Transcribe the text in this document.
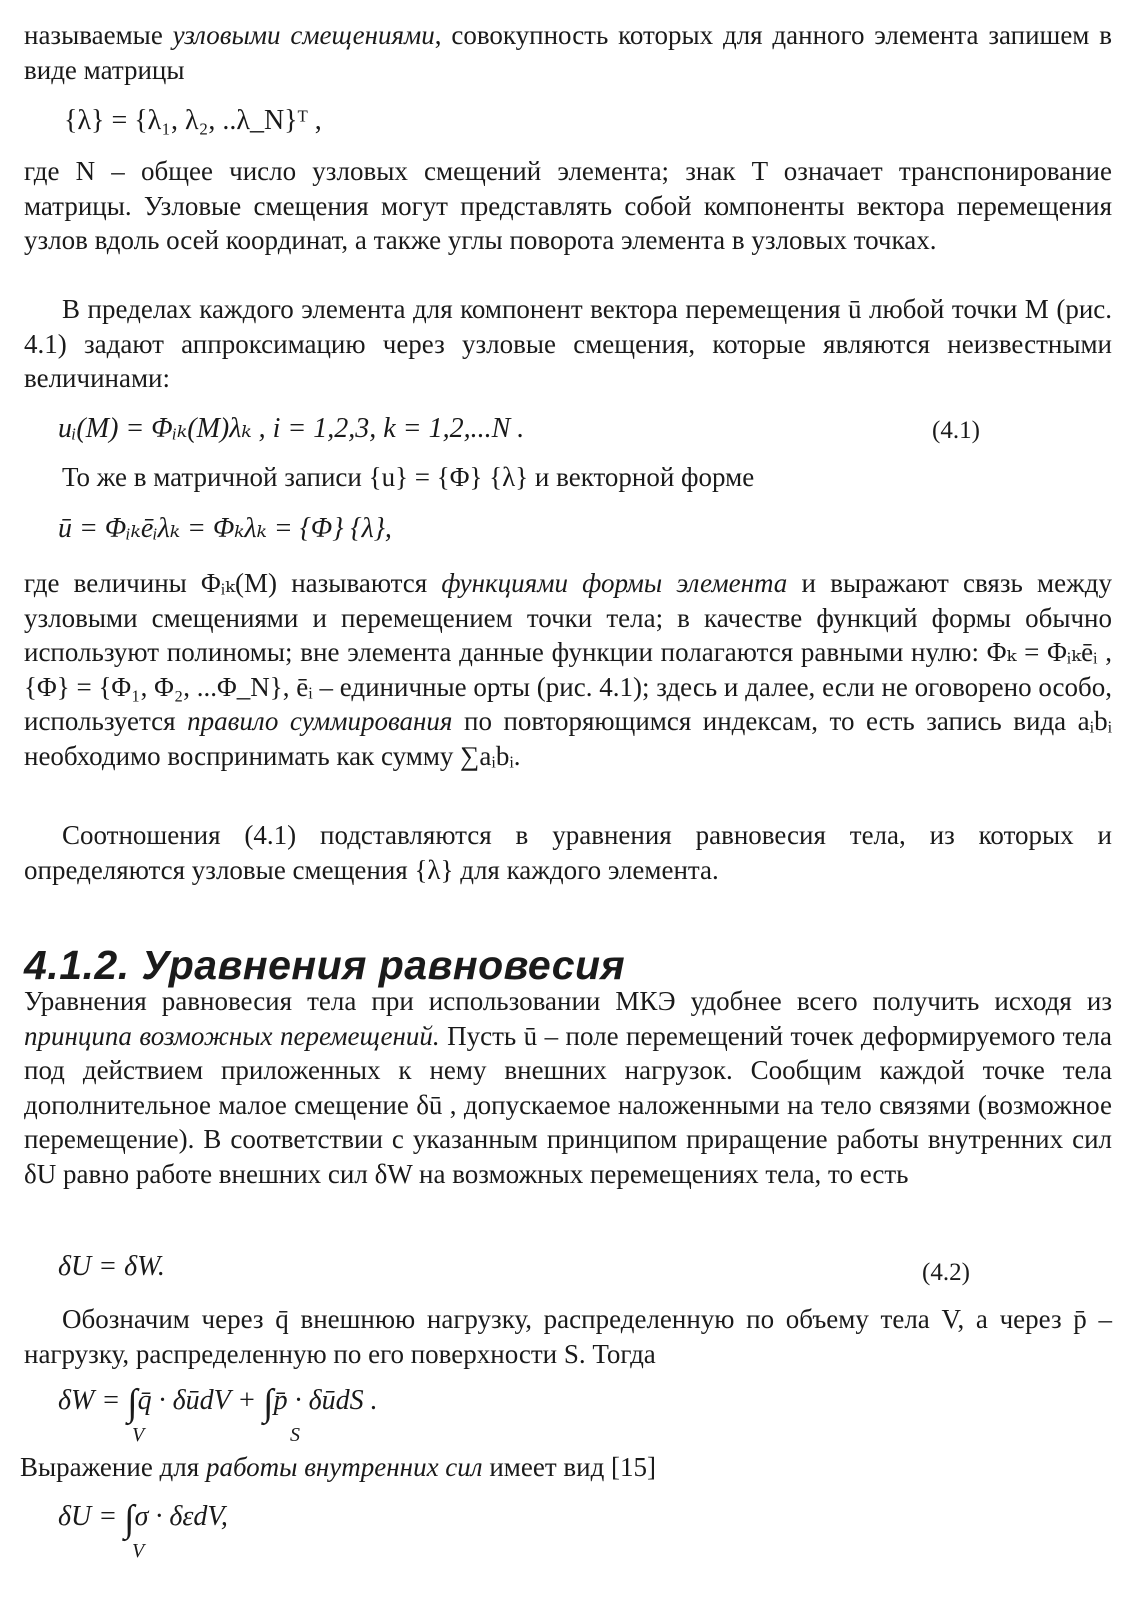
называемые узловыми смещениями, совокупность которых для данного элемента запишем в виде матрицы

{λ} = {λ₁, λ₂, ..λ_N}ᵀ ,

где N – общее число узловых смещений элемента; знак T означает транспонирование матрицы. Узловые смещения могут представлять собой компоненты вектора перемещения узлов вдоль осей координат, а также углы поворота элемента в узловых точках.

В пределах каждого элемента для компонент вектора перемещения ū любой точки M (рис. 4.1) задают аппроксимацию через узловые смещения, которые являются неизвестными величинами:

uᵢ(M) = Φᵢₖ(M)λₖ , i = 1,2,3, k = 1,2,...N .	(4.1)

То же в матричной записи {u} = {Φ} {λ} и векторной форме

ū = Φᵢₖēᵢλₖ = Φₖλₖ = {Φ} {λ},

где величины Φᵢₖ(M) называются функциями формы элемента и выражают связь между узловыми смещениями и перемещением точки тела; в качестве функций формы обычно используют полиномы; вне элемента данные функции полагаются равными нулю: Φₖ = Φᵢₖēᵢ , {Φ} = {Φ₁, Φ₂, ...Φ_N}, ēᵢ – единичные орты (рис. 4.1); здесь и далее, если не оговорено особо, используется правило суммирования по повторяющимся индексам, то есть запись вида aᵢbᵢ необходимо воспринимать как сумму ∑aᵢbᵢ.

Соотношения (4.1) подставляются в уравнения равновесия тела, из которых и определяются узловые смещения {λ} для каждого элемента.

4.1.2. Уравнения равновесия

Уравнения равновесия тела при использовании МКЭ удобнее всего получить исходя из принципа возможных перемещений. Пусть ū – поле перемещений точек деформируемого тела под действием приложенных к нему внешних нагрузок. Сообщим каждой точке тела дополнительное малое смещение δū , допускаемое наложенными на тело связями (возможное перемещение). В соответствии с указанным принципом приращение работы внутренних сил δU равно работе внешних сил δW на возможных перемещениях тела, то есть

δU = δW.	(4.2)

Обозначим через q̄ внешнюю нагрузку, распределенную по объему тела V, а через p̄ – нагрузку, распределенную по его поверхности S. Тогда

δW = ∫q̄ · δūdV + ∫p̄ · δūdS .
V	S

Выражение для работы внутренних сил имеет вид [15]

δU = ∫σ · δεdV,
V
